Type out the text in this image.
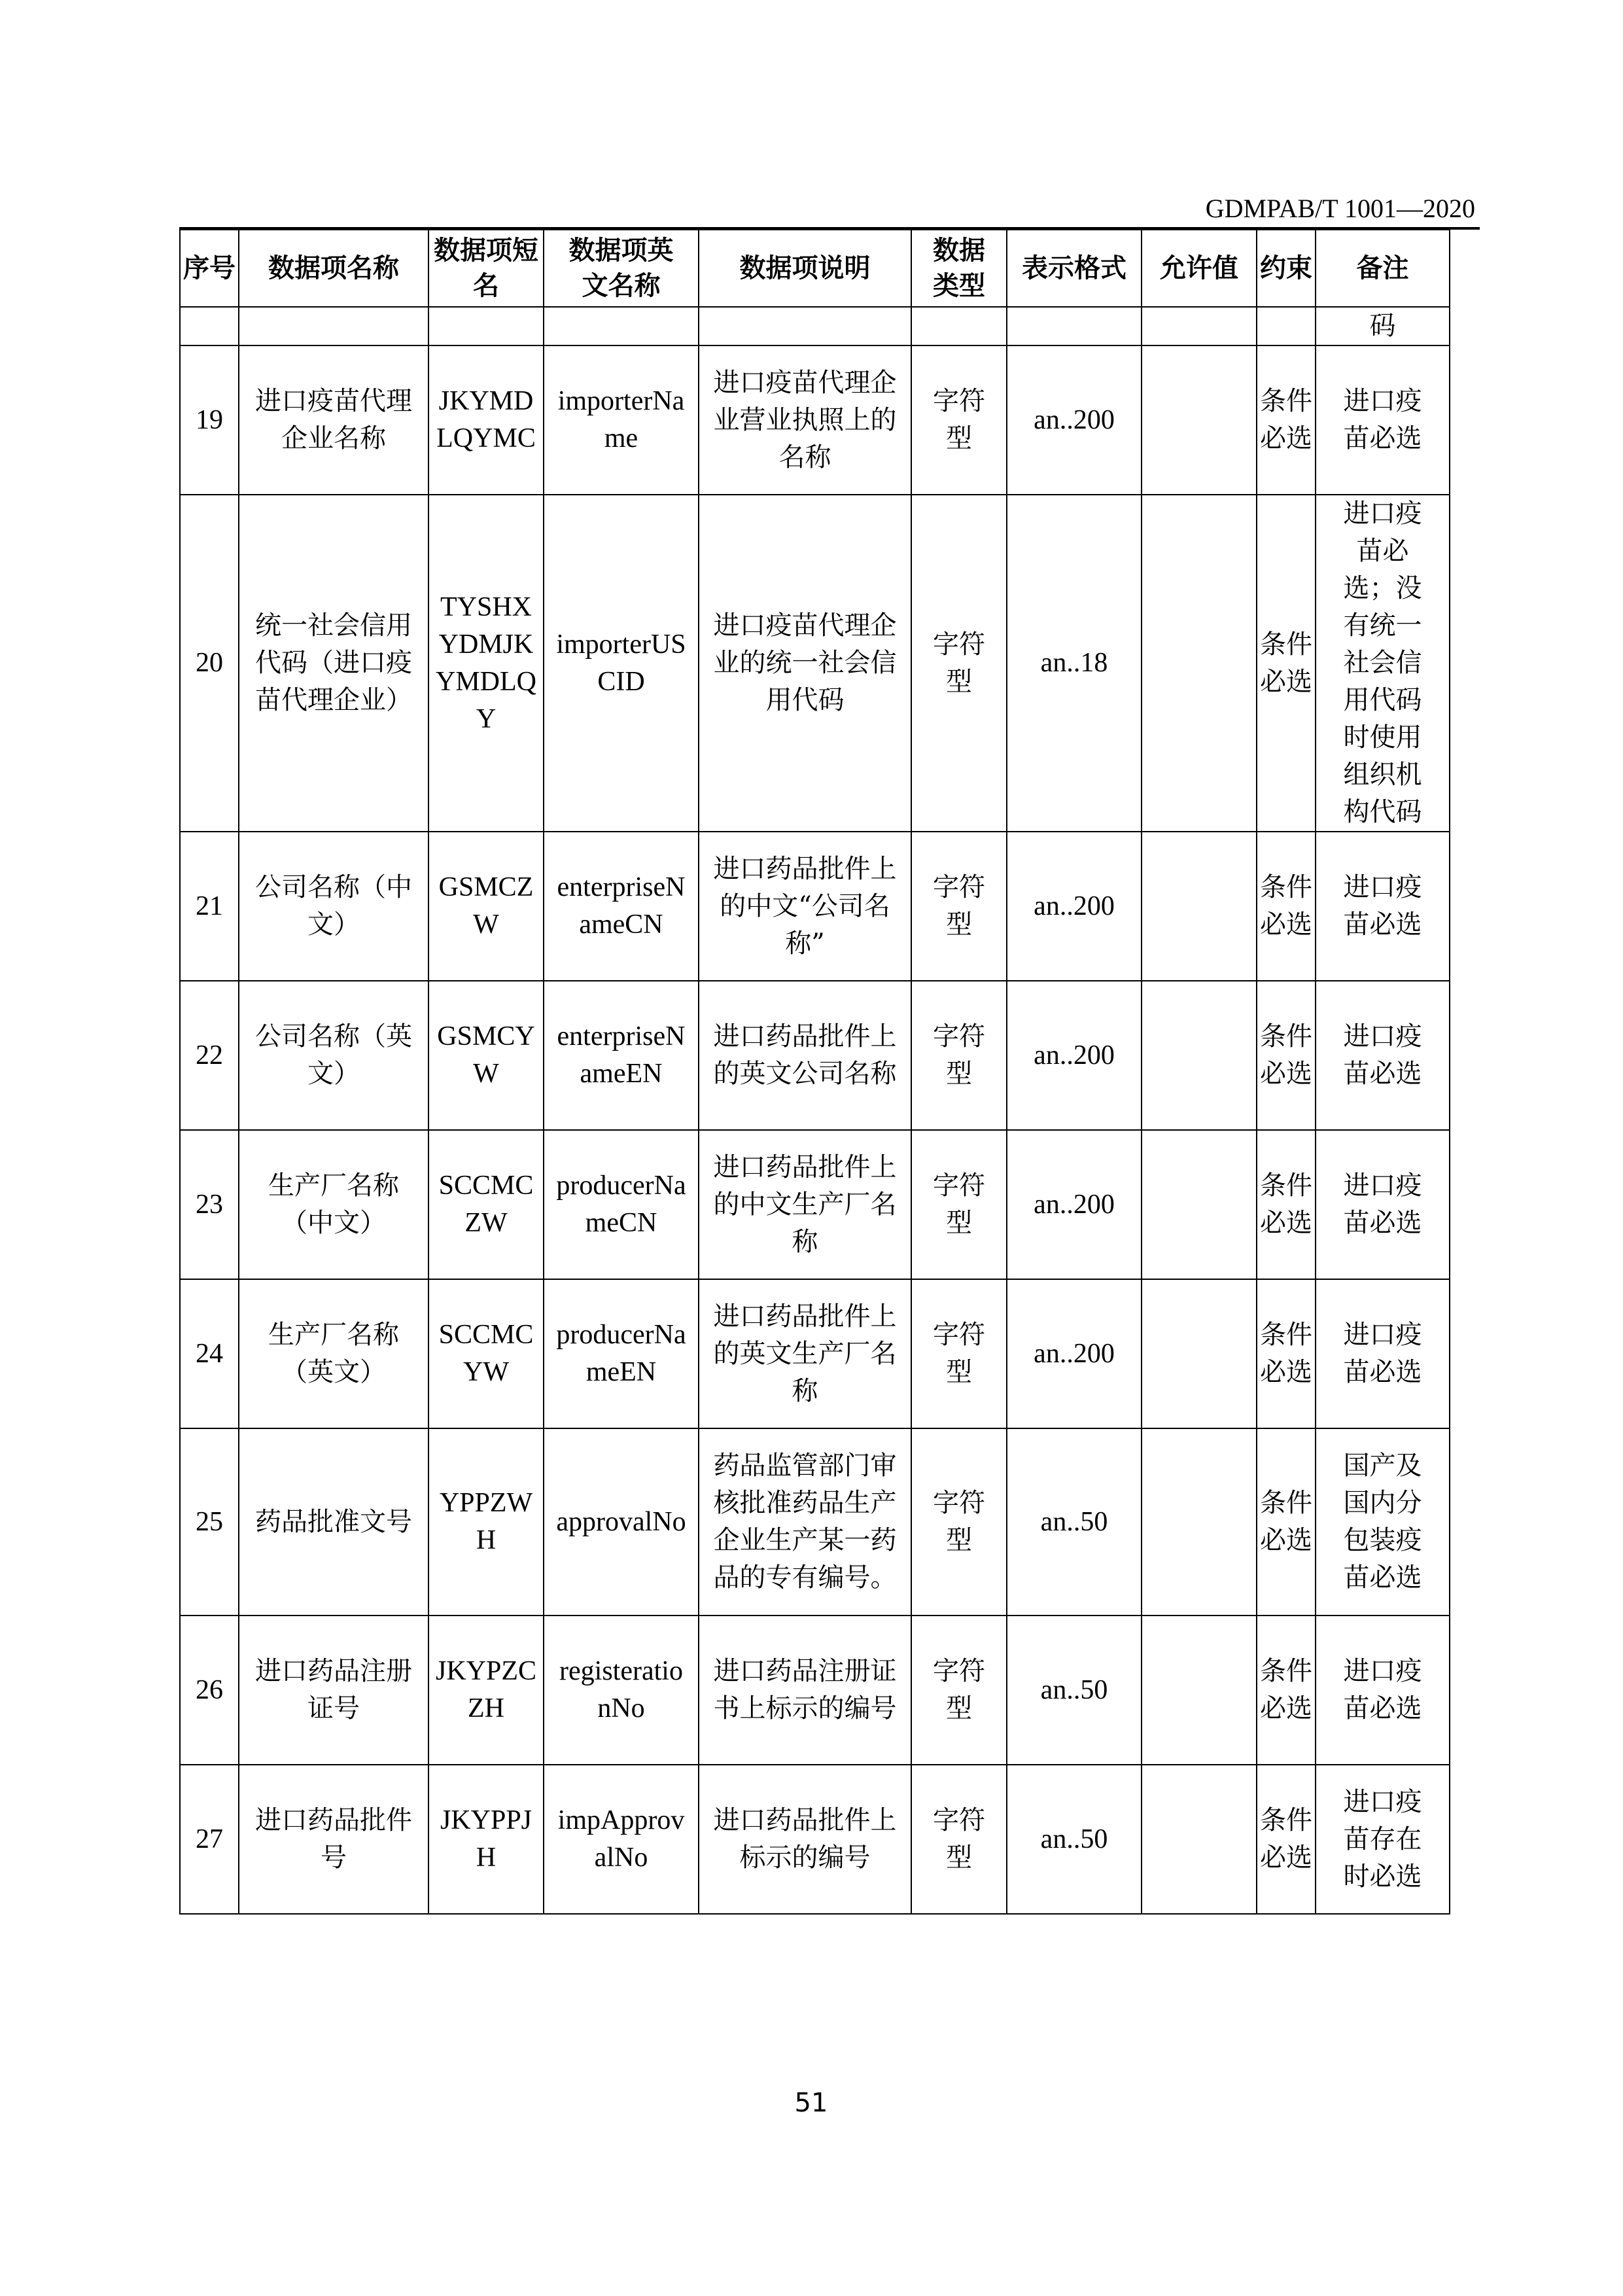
GDMPAB/T 1001—2020
序号	数据项名称	数据项短名	数据项英文名称	数据项说明	数据类型	表示格式	允许值	约束	备注
									码
19	进口疫苗代理企业名称	JKYMDLQYMC	importerName	进口疫苗代理企业营业执照上的名称	字符型	an..200		条件必选	进口疫苗必选
20	统一社会信用代码（进口疫苗代理企业）	TYSHXYDMJKYMDLQY	importerUSCID	进口疫苗代理企业的统一社会信用代码	字符型	an..18		条件必选	进口疫苗必选；没有统一社会信用代码时使用组织机构代码
21	公司名称（中文）	GSMCZW	enterpriseNameCN	进口药品批件上的中文“公司名称”	字符型	an..200		条件必选	进口疫苗必选
22	公司名称（英文）	GSMCYW	enterpriseNameEN	进口药品批件上的英文公司名称	字符型	an..200		条件必选	进口疫苗必选
23	生产厂名称（中文）	SCCMCZW	producerNameCN	进口药品批件上的中文生产厂名称	字符型	an..200		条件必选	进口疫苗必选
24	生产厂名称（英文）	SCCMCYW	producerNameEN	进口药品批件上的英文生产厂名称	字符型	an..200		条件必选	进口疫苗必选
25	药品批准文号	YPPZWH	approvalNo	药品监管部门审核批准药品生产企业生产某一药品的专有编号。	字符型	an..50		条件必选	国产及国内分包装疫苗必选
26	进口药品注册证号	JKYPZCZH	registerationNo	进口药品注册证书上标示的编号	字符型	an..50		条件必选	进口疫苗必选
27	进口药品批件号	JKYPPJH	impApprovalNo	进口药品批件上标示的编号	字符型	an..50		条件必选	进口疫苗存在时必选
51
